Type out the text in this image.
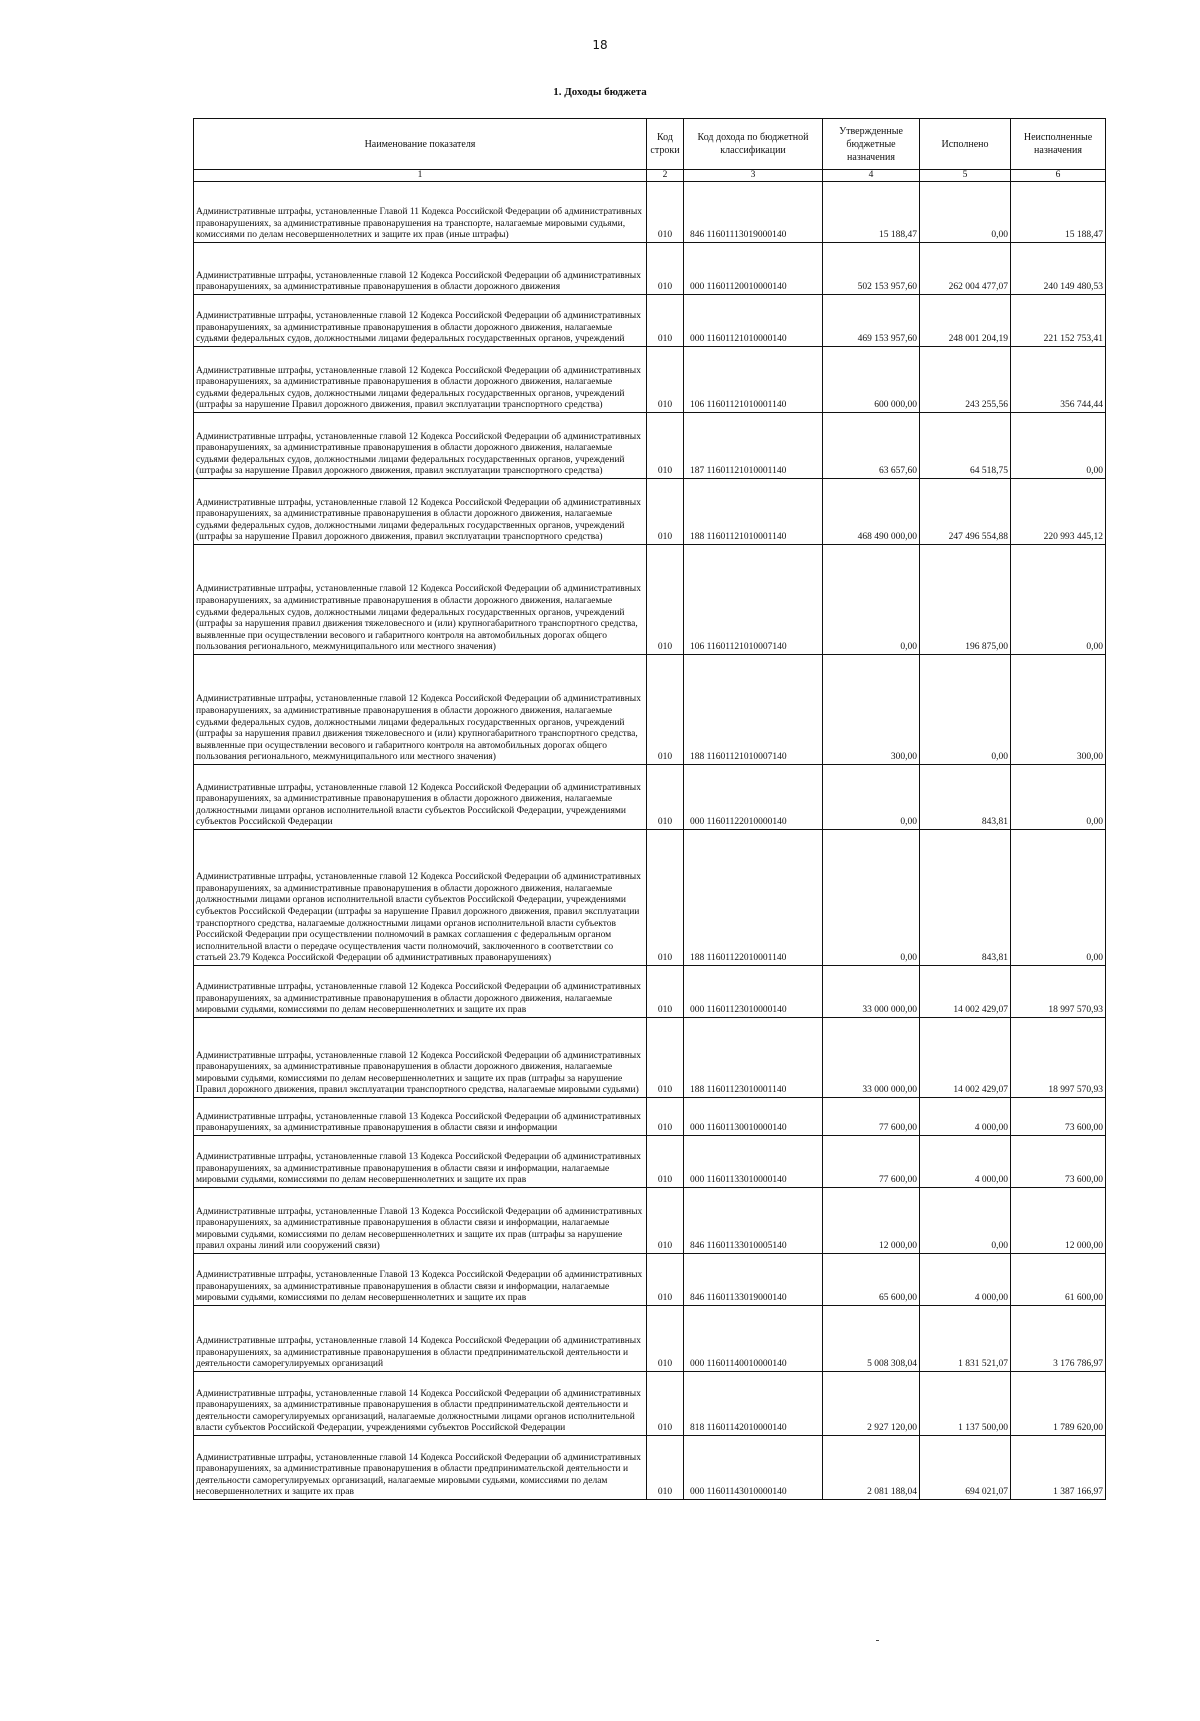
18
1. Доходы бюджета
Наименование показателя	Код строки	Код дохода по бюджетной классификации	Утвержденные бюджетные назначения	Исполнено	Неисполненные назначения
1	2	3	4	5	6
Административные штрафы, установленные Главой 11 Кодекса Российской Федерации об административных правонарушениях, за административные правонарушения на транспорте, налагаемые мировыми судьями, комиссиями по делам несовершеннолетних и защите их прав (иные штрафы)	010	846 11601113019000140	15 188,47	0,00	15 188,47
Административные штрафы, установленные главой 12 Кодекса Российской Федерации об административных правонарушениях, за административные правонарушения в области дорожного движения	010	000 11601120010000140	502 153 957,60	262 004 477,07	240 149 480,53
Административные штрафы, установленные главой 12 Кодекса Российской Федерации об административных правонарушениях, за административные правонарушения в области дорожного движения, налагаемые судьями федеральных судов, должностными лицами федеральных государственных органов, учреждений	010	000 11601121010000140	469 153 957,60	248 001 204,19	221 152 753,41
Административные штрафы, установленные главой 12 Кодекса Российской Федерации об административных правонарушениях, за административные правонарушения в области дорожного движения, налагаемые судьями федеральных судов, должностными лицами федеральных государственных органов, учреждений (штрафы за нарушение Правил дорожного движения, правил эксплуатации транспортного средства)	010	106 11601121010001140	600 000,00	243 255,56	356 744,44
Административные штрафы, установленные главой 12 Кодекса Российской Федерации об административных правонарушениях, за административные правонарушения в области дорожного движения, налагаемые судьями федеральных судов, должностными лицами федеральных государственных органов, учреждений (штрафы за нарушение Правил дорожного движения, правил эксплуатации транспортного средства)	010	187 11601121010001140	63 657,60	64 518,75	0,00
Административные штрафы, установленные главой 12 Кодекса Российской Федерации об административных правонарушениях, за административные правонарушения в области дорожного движения, налагаемые судьями федеральных судов, должностными лицами федеральных государственных органов, учреждений (штрафы за нарушение Правил дорожного движения, правил эксплуатации транспортного средства)	010	188 11601121010001140	468 490 000,00	247 496 554,88	220 993 445,12
Административные штрафы, установленные главой 12 Кодекса Российской Федерации об административных правонарушениях, за административные правонарушения в области дорожного движения, налагаемые судьями федеральных судов, должностными лицами федеральных государственных органов, учреждений (штрафы за нарушения правил движения тяжеловесного и (или) крупногабаритного транспортного средства, выявленные при осуществлении весового и габаритного контроля на автомобильных дорогах общего пользования регионального, межмуниципального или местного значения)	010	106 11601121010007140	0,00	196 875,00	0,00
Административные штрафы, установленные главой 12 Кодекса Российской Федерации об административных правонарушениях, за административные правонарушения в области дорожного движения, налагаемые судьями федеральных судов, должностными лицами федеральных государственных органов, учреждений (штрафы за нарушения правил движения тяжеловесного и (или) крупногабаритного транспортного средства, выявленные при осуществлении весового и габаритного контроля на автомобильных дорогах общего пользования регионального, межмуниципального или местного значения)	010	188 11601121010007140	300,00	0,00	300,00
Административные штрафы, установленные главой 12 Кодекса Российской Федерации об административных правонарушениях, за административные правонарушения в области дорожного движения, налагаемые должностными лицами органов исполнительной власти субъектов Российской Федерации, учреждениями субъектов Российской Федерации	010	000 11601122010000140	0,00	843,81	0,00
Административные штрафы, установленные главой 12 Кодекса Российской Федерации об административных правонарушениях, за административные правонарушения в области дорожного движения, налагаемые должностными лицами органов исполнительной власти субъектов Российской Федерации, учреждениями субъектов Российской Федерации (штрафы за нарушение Правил дорожного движения, правил эксплуатации транспортного средства, налагаемые должностными лицами органов исполнительной власти субъектов Российской Федерации при осуществлении полномочий в рамках соглашения с федеральным органом исполнительной власти о передаче осуществления части полномочий, заключенного в соответствии со статьей 23.79 Кодекса Российской Федерации об административных правонарушениях)	010	188 11601122010001140	0,00	843,81	0,00
Административные штрафы, установленные главой 12 Кодекса Российской Федерации об административных правонарушениях, за административные правонарушения в области дорожного движения, налагаемые мировыми судьями, комиссиями по делам несовершеннолетних и защите их прав	010	000 11601123010000140	33 000 000,00	14 002 429,07	18 997 570,93
Административные штрафы, установленные главой 12 Кодекса Российской Федерации об административных правонарушениях, за административные правонарушения в области дорожного движения, налагаемые мировыми судьями, комиссиями по делам несовершеннолетних и защите их прав (штрафы за нарушение Правил дорожного движения, правил эксплуатации транспортного средства, налагаемые мировыми судьями)	010	188 11601123010001140	33 000 000,00	14 002 429,07	18 997 570,93
Административные штрафы, установленные главой 13 Кодекса Российской Федерации об административных правонарушениях, за административные правонарушения в области связи и информации	010	000 11601130010000140	77 600,00	4 000,00	73 600,00
Административные штрафы, установленные главой 13 Кодекса Российской Федерации об административных правонарушениях, за административные правонарушения в области связи и информации, налагаемые мировыми судьями, комиссиями по делам несовершеннолетних и защите их прав	010	000 11601133010000140	77 600,00	4 000,00	73 600,00
Административные штрафы, установленные Главой 13 Кодекса Российской Федерации об административных правонарушениях, за административные правонарушения в области связи и информации, налагаемые мировыми судьями, комиссиями по делам несовершеннолетних и защите их прав (штрафы за нарушение правил охраны линий или сооружений связи)	010	846 11601133010005140	12 000,00	0,00	12 000,00
Административные штрафы, установленные Главой 13 Кодекса Российской Федерации об административных правонарушениях, за административные правонарушения в области связи и информации, налагаемые мировыми судьями, комиссиями по делам несовершеннолетних и защите их прав	010	846 11601133019000140	65 600,00	4 000,00	61 600,00
Административные штрафы, установленные главой 14 Кодекса Российской Федерации об административных правонарушениях, за административные правонарушения в области предпринимательской деятельности и деятельности саморегулируемых организаций	010	000 11601140010000140	5 008 308,04	1 831 521,07	3 176 786,97
Административные штрафы, установленные главой 14 Кодекса Российской Федерации об административных правонарушениях, за административные правонарушения в области предпринимательской деятельности и деятельности саморегулируемых организаций, налагаемые должностными лицами органов исполнительной власти субъектов Российской Федерации, учреждениями субъектов Российской Федерации	010	818 11601142010000140	2 927 120,00	1 137 500,00	1 789 620,00
Административные штрафы, установленные главой 14 Кодекса Российской Федерации об административных правонарушениях, за административные правонарушения в области предпринимательской деятельности и деятельности саморегулируемых организаций, налагаемые мировыми судьями, комиссиями по делам несовершеннолетних и защите их прав	010	000 11601143010000140	2 081 188,04	694 021,07	1 387 166,97
